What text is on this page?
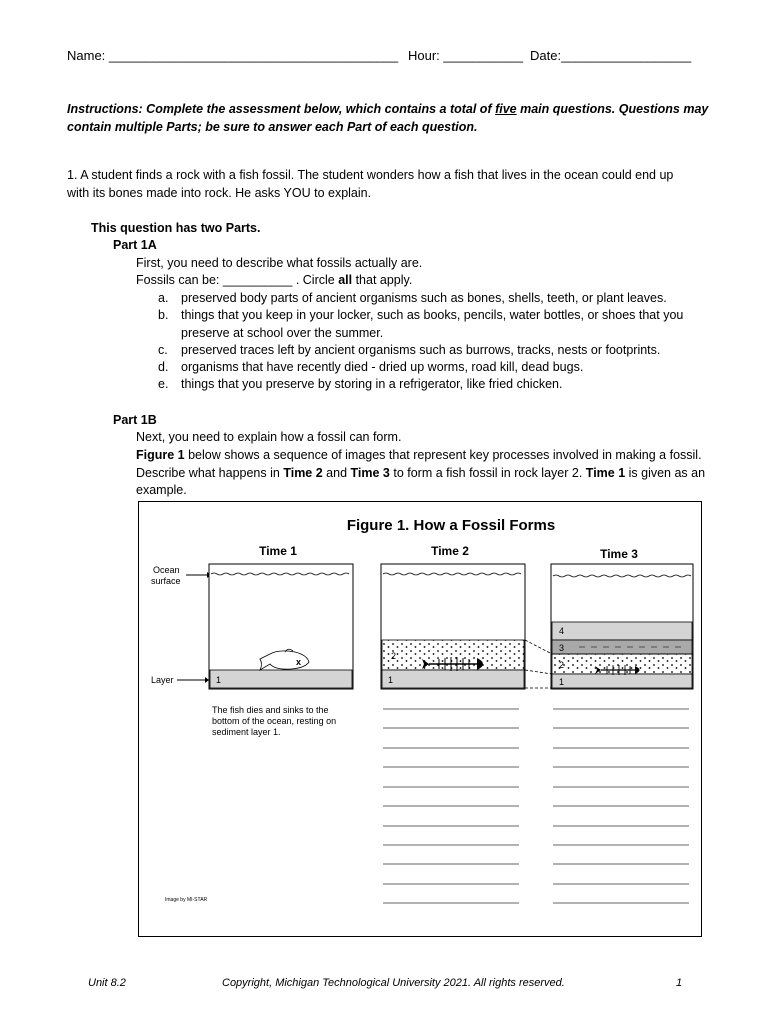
Name: ________________________________________ Hour: ___________ Date:__________________
Instructions: Complete the assessment below, which contains a total of five main questions. Questions may
contain multiple Parts; be sure to answer each Part of each question.
1. A student finds a rock with a fish fossil. The student wonders how a fish that lives in the ocean could end up
with its bones made into rock. He asks YOU to explain.
This question has two Parts.
Part 1A
First, you need to describe what fossils actually are.
Fossils can be: __________ . Circle all that apply.
a. preserved body parts of ancient organisms such as bones, shells, teeth, or plant leaves.
b. things that you keep in your locker, such as books, pencils, water bottles, or shoes that you
preserve at school over the summer.
c. preserved traces left by ancient organisms such as burrows, tracks, nests or footprints.
d. organisms that have recently died - dried up worms, road kill, dead bugs.
e. things that you preserve by storing in a refrigerator, like fried chicken.
Part 1B
Next, you need to explain how a fossil can form.
Figure 1 below shows a sequence of images that represent key processes involved in making a fossil.
Describe what happens in Time 2 and Time 3 to form a fish fossil in rock layer 2. Time 1 is given as an
example.
Figure 1. How a Fossil Forms
Time 1	Time 2	Time 3
Ocean
surface
Layer	1
x
1
2
4
3
2
1
The fish dies and sinks to the
bottom of the ocean, resting on
sediment layer 1.
Image by MI-STAR
Unit 8.2	Copyright, Michigan Technological University 2021. All rights reserved.	1
